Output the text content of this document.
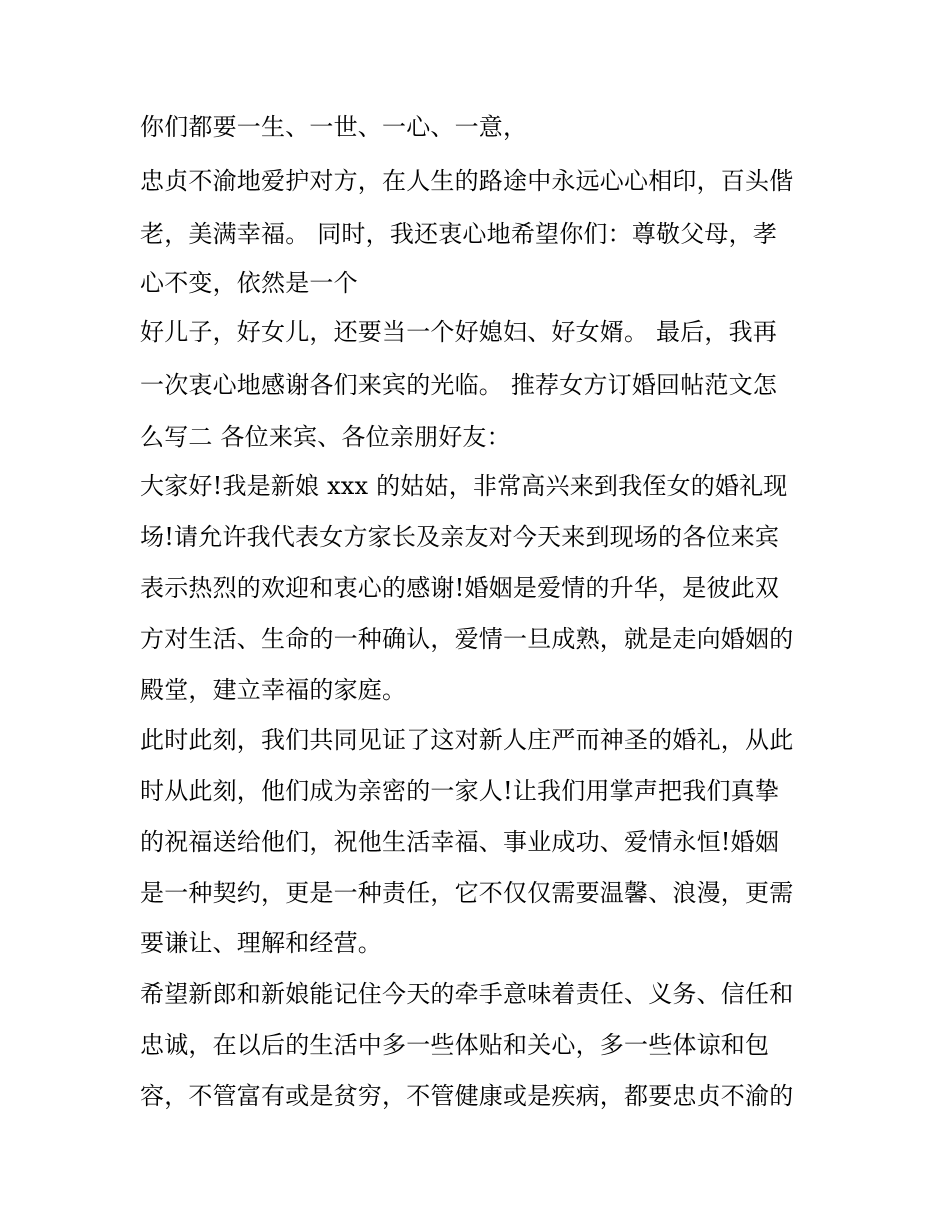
你们都要一生、一世、一心、一意，

忠贞不渝地爱护对方，在人生的路途中永远心心相印，百头偕

老，美满幸福。 同时，我还衷心地希望你们：尊敬父母，孝

心不变，依然是一个

好儿子，好女儿，还要当一个好媳妇、好女婿。 最后，我再

一次衷心地感谢各们来宾的光临。 推荐女方订婚回帖范文怎

么写二 各位来宾、各位亲朋好友：

大家好!我是新娘 xxx 的姑姑，非常高兴来到我侄女的婚礼现

场!请允许我代表女方家长及亲友对今天来到现场的各位来宾

表示热烈的欢迎和衷心的感谢!婚姻是爱情的升华，是彼此双

方对生活、生命的一种确认，爱情一旦成熟，就是走向婚姻的

殿堂，建立幸福的家庭。

此时此刻，我们共同见证了这对新人庄严而神圣的婚礼，从此

时从此刻，他们成为亲密的一家人!让我们用掌声把我们真挚

的祝福送给他们，祝他生活幸福、事业成功、爱情永恒!婚姻

是一种契约，更是一种责任，它不仅仅需要温馨、浪漫，更需

要谦让、理解和经营。

希望新郎和新娘能记住今天的牵手意味着责任、义务、信任和

忠诚，在以后的生活中多一些体贴和关心，多一些体谅和包

容，不管富有或是贫穷，不管健康或是疾病，都要忠贞不渝的
